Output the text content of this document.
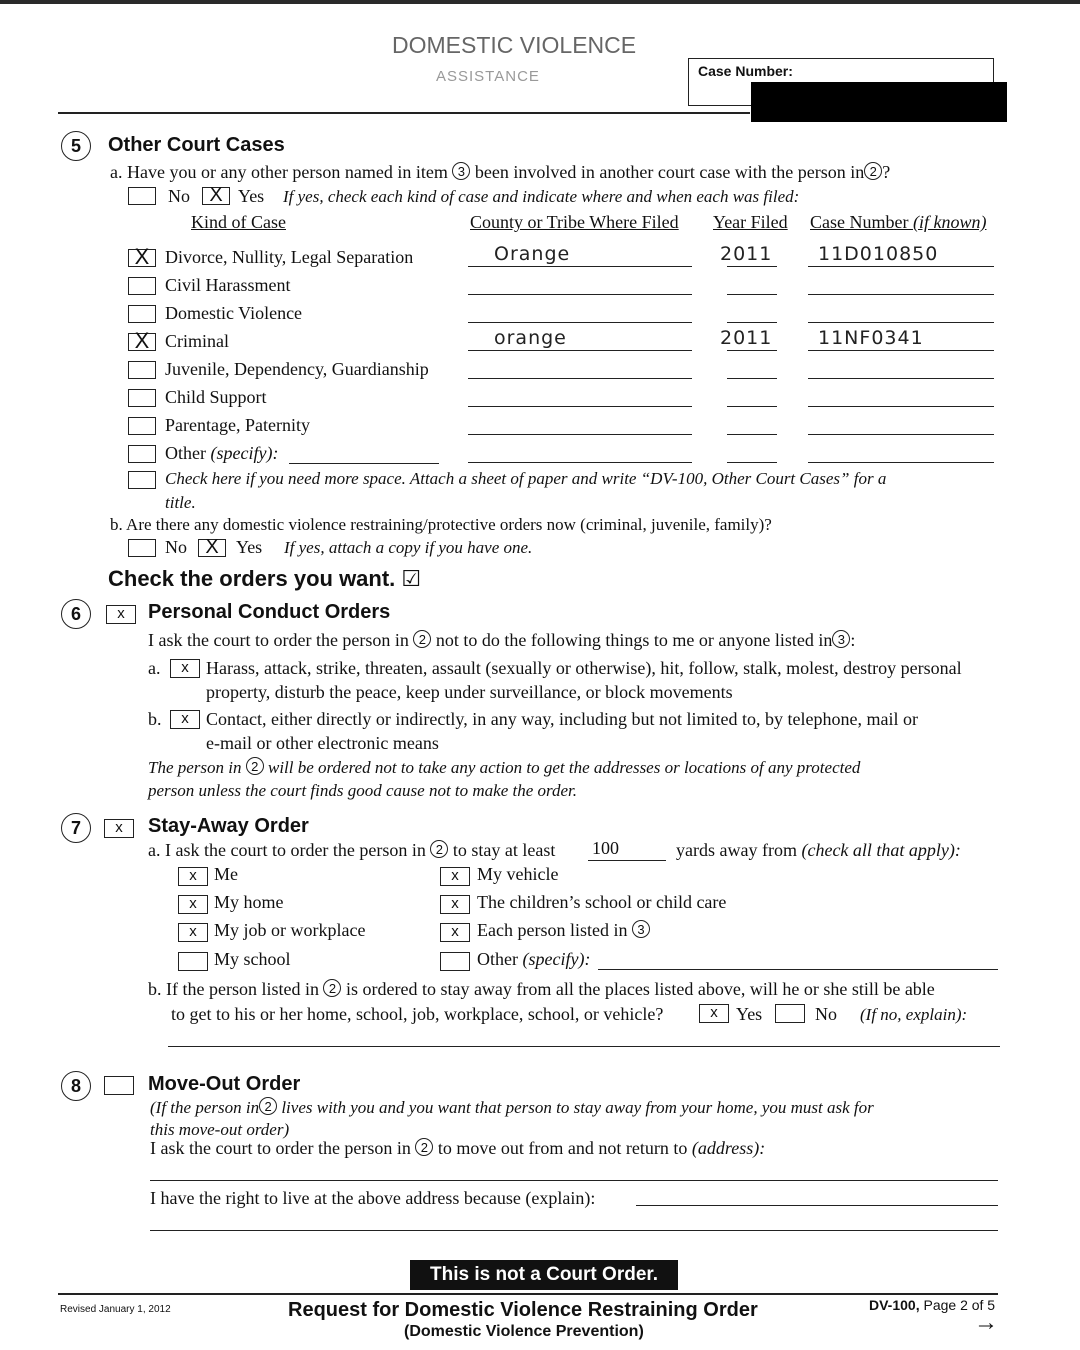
DOMESTIC VIOLENCE
ASSISTANCE	Case Number:
5	Other Court Cases
a. Have you or any other person named in item 3 been involved in another court case with the person in 2 ?
No X Yes If yes, check each kind of case and indicate where and when each was filed:
Kind of Case	County or Tribe Where Filed Year Filed Case Number (if known)
X Divorce, Nullity, Legal Separation	Orange	2011 11D010850
Civil Harassment
Domestic Violence
X Criminal	orange	2011 11NF0341
Juvenile, Dependency, Guardianship
Child Support
Parentage, Paternity
Other (specify):
Check here if you need more space. Attach a sheet of paper and write “DV-100, Other Court Cases” for a
title.
b. Are there any domestic violence restraining/protective orders now (criminal, juvenile, family)?
No X Yes If yes, attach a copy if you have one.
Check the orders you want. ☑
6	x	Personal Conduct Orders
I ask the court to order the person in 2 not to do the following things to me or anyone listed in 3 :
a.	x Harass, attack, strike, threaten, assault (sexually or otherwise), hit, follow, stalk, molest, destroy personal
property, disturb the peace, keep under surveillance, or block movements
b.	x Contact, either directly or indirectly, in any way, including but not limited to, by telephone, mail or
e-mail or other electronic means
The person in 2 will be ordered not to take any action to get the addresses or locations of any protected
person unless the court finds good cause not to make the order.
7	x	Stay-Away Order
a. I ask the court to order the person in 2 to stay at least 100	yards away from (check all that apply):
x Me
x My home
x My job or workplace
My school
x	My vehicle
x	The children’s school or child care
x	Each person listed in 3
Other (specify):
b. If the person listed in 2 is ordered to stay away from all the places listed above, will he or she still be able
to get to his or her home, school, job, workplace, school, or vehicle?	x	Yes	No (If no, explain):
8	Move-Out Order
(If the person in 2 lives with you and you want that person to stay away from your home, you must ask for
this move-out order)
I ask the court to order the person in 2 to move out from and not return to (address):
I have the right to live at the above address because (explain):
This is not a Court Order.
Revised January 1, 2012	Request for Domestic Violence Restraining Order
(Domestic Violence Prevention)
DV-100, Page 2 of 5
→
